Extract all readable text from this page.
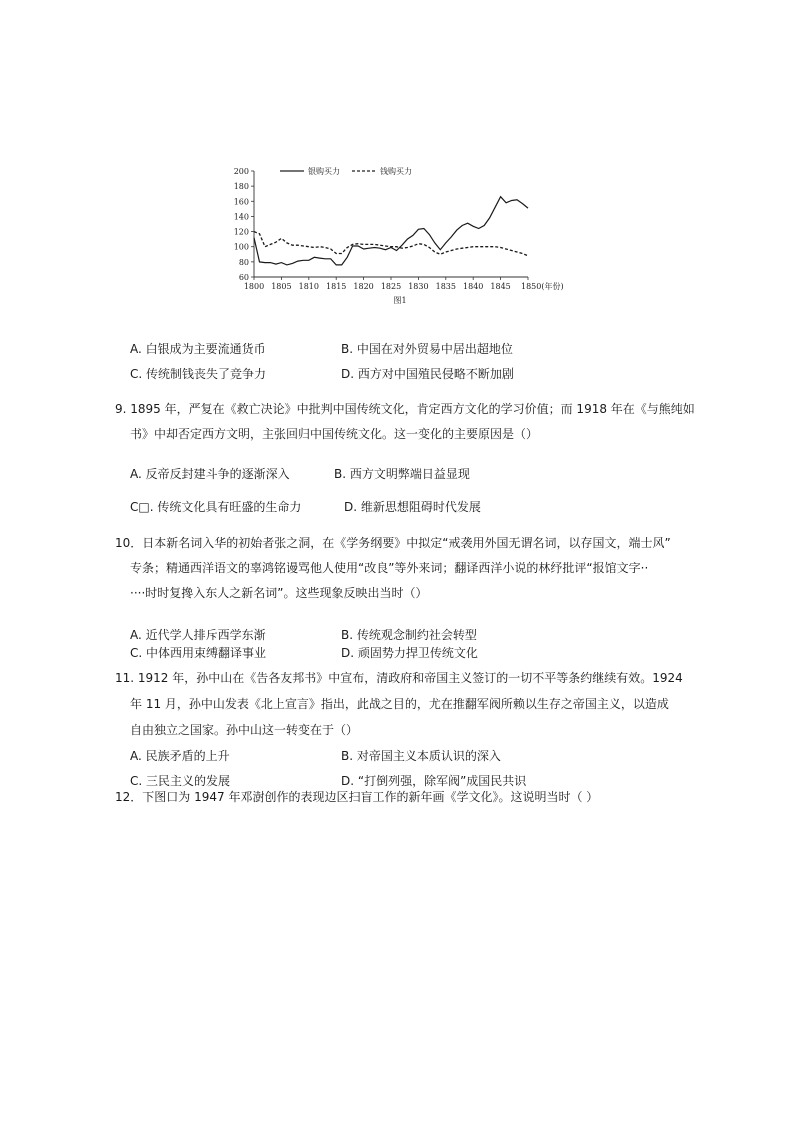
60
80
100
120
140
160
180
200
1800 1805 1810 1815 1820 1825 1830 1835 1840 1845 1850(年份)
银购买力	钱购买力
图1
A. 白银成为主要流通货币	B. 中国在对外贸易中居出超地位
C. 传统制钱丧失了竞争力	D. 西方对中国殖民侵略不断加剧
9. 1895 年，严复在《救亡决论》中批判中国传统文化，肯定西方文化的学习价值；而 1918 年在《与熊纯如
书》中却否定西方文明，主张回归中国传统文化。这一变化的主要原因是（）
A. 反帝反封建斗争的逐渐深入	B. 西方文明弊端日益显现
C□. 传统文化具有旺盛的生命力	D. 维新思想阻碍时代发展
10．日本新名词入华的初始者张之洞，在《学务纲要》中拟定“戒袭用外国无谓名词，以存国文，端士风”
专条；精通西洋语文的辜鸿铭谩骂他人使用“改良”等外来词；翻译西洋小说的林纾批评“报馆文字··
····时时复搀入东人之新名词”。这些现象反映出当时（）
A. 近代学人排斥西学东渐	B. 传统观念制约社会转型
C. 中体西用束缚翻译事业	D. 顽固势力捍卫传统文化
11. 1912 年，孙中山在《告各友邦书》中宣布，清政府和帝国主义签订的一切不平等条约继续有效。1924
年 11 月，孙中山发表《北上宣言》指出，此战之目的，尤在推翻军阀所赖以生存之帝国主义，以造成
自由独立之国家。孙中山这一转变在于（）
A. 民族矛盾的上升	B. 对帝国主义本质认识的深入
C. 三民主义的发展	D. “打倒列强，除军阀”成国民共识
12．下图口为 1947 年邓澍创作的表现边区扫盲工作的新年画《学文化》。这说明当时（ ）
